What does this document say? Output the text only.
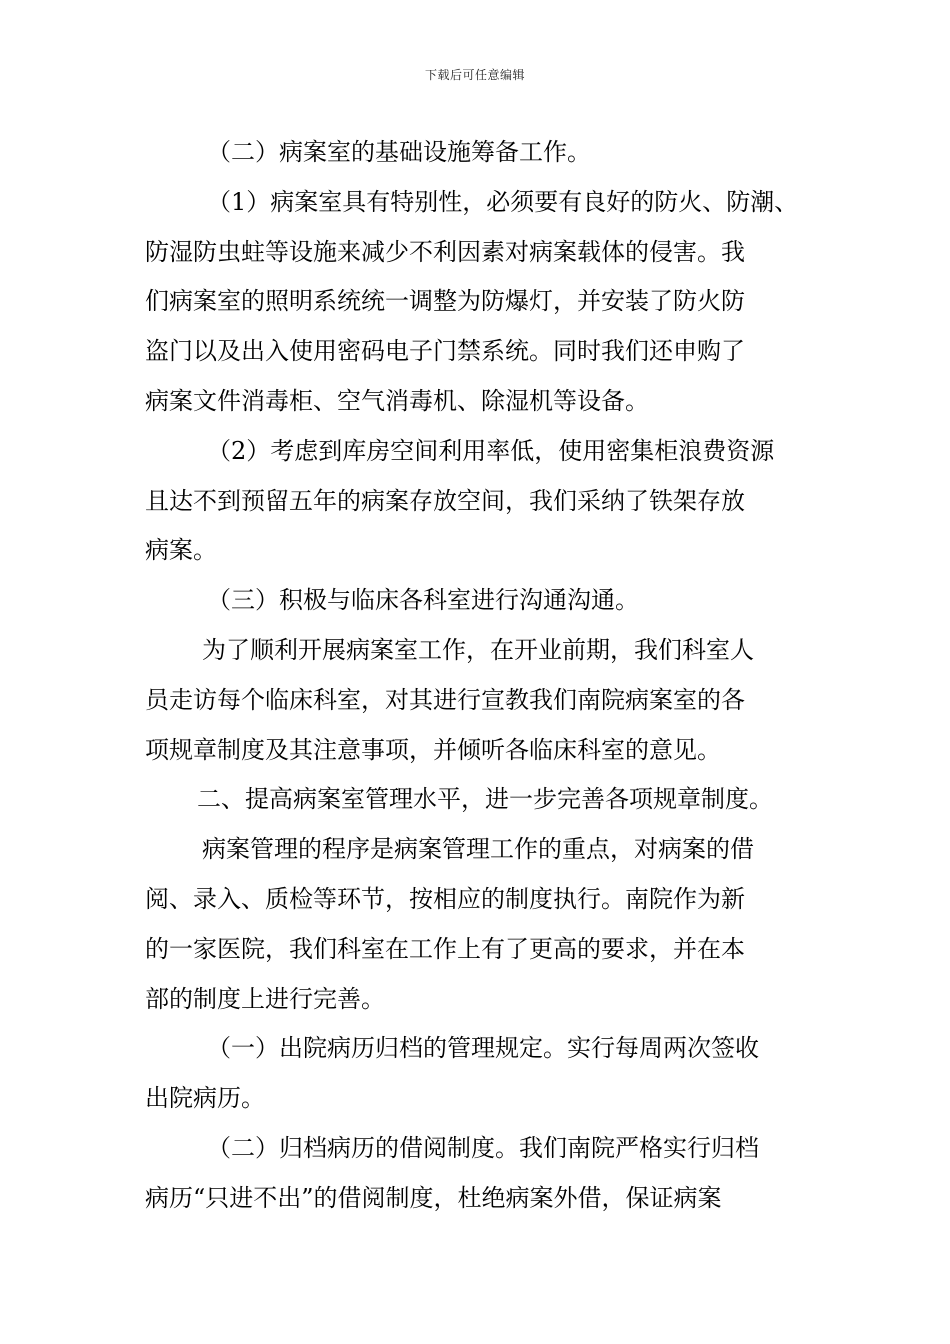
下载后可任意编辑

（二）病案室的基础设施筹备工作。

（1）病案室具有特别性，必须要有良好的防火、防潮、

防湿防虫蛀等设施来减少不利因素对病案载体的侵害。我

们病案室的照明系统统一调整为防爆灯，并安装了防火防

盗门以及出入使用密码电子门禁系统。同时我们还申购了

病案文件消毒柜、空气消毒机、除湿机等设备。

（2）考虑到库房空间利用率低，使用密集柜浪费资源

且达不到预留五年的病案存放空间，我们采纳了铁架存放

病案。

（三）积极与临床各科室进行沟通沟通。

为了顺利开展病案室工作，在开业前期，我们科室人

员走访每个临床科室，对其进行宣教我们南院病案室的各

项规章制度及其注意事项，并倾听各临床科室的意见。

二、提高病案室管理水平，进一步完善各项规章制度。

病案管理的程序是病案管理工作的重点，对病案的借

阅、录入、质检等环节，按相应的制度执行。南院作为新

的一家医院，我们科室在工作上有了更高的要求，并在本

部的制度上进行完善。

（一）出院病历归档的管理规定。实行每周两次签收

出院病历。

（二）归档病历的借阅制度。我们南院严格实行归档

病历“只进不出”的借阅制度，杜绝病案外借，保证病案
